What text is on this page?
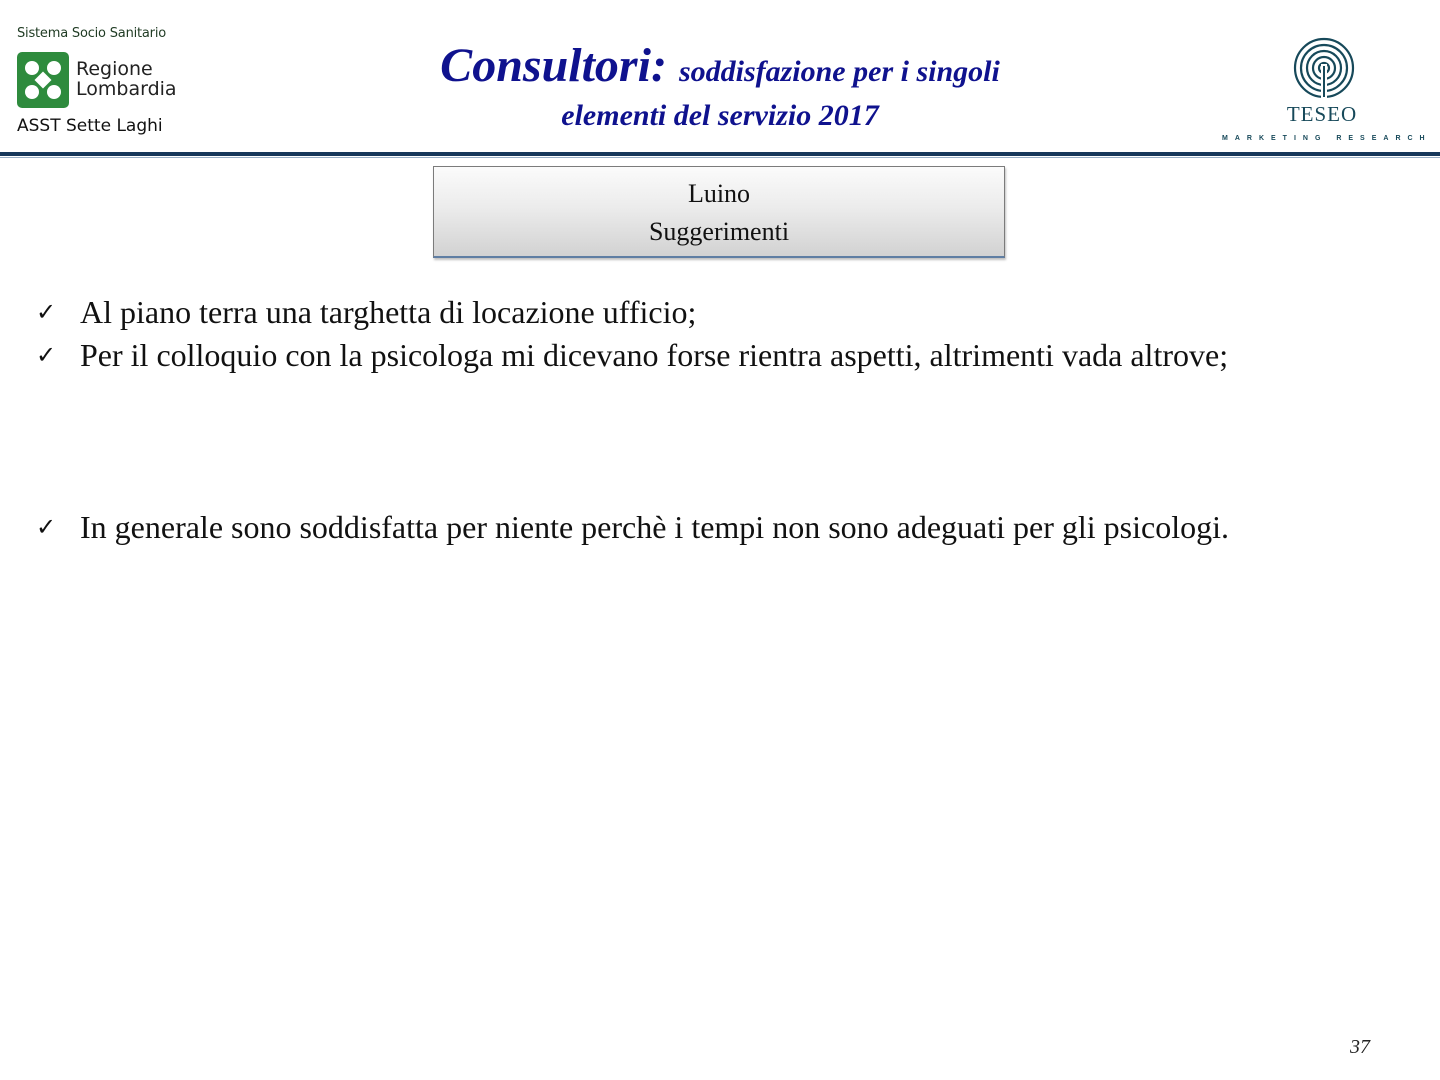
Sistema Socio Sanitario
Regione
Lombardia
ASST Sette Laghi
Consultori: soddisfazione per i singoli
elementi del servizio 2017	TESEO
MARKETING RESEARCH
Luino
Suggerimenti
✓ Al piano terra una targhetta di locazione ufficio;
✓ Per il colloquio con la psicologa mi dicevano forse rientra aspetti, altrimenti vada altrove;
✓ In generale sono soddisfatta per niente perchè i tempi non sono adeguati per gli psicologi.
37
